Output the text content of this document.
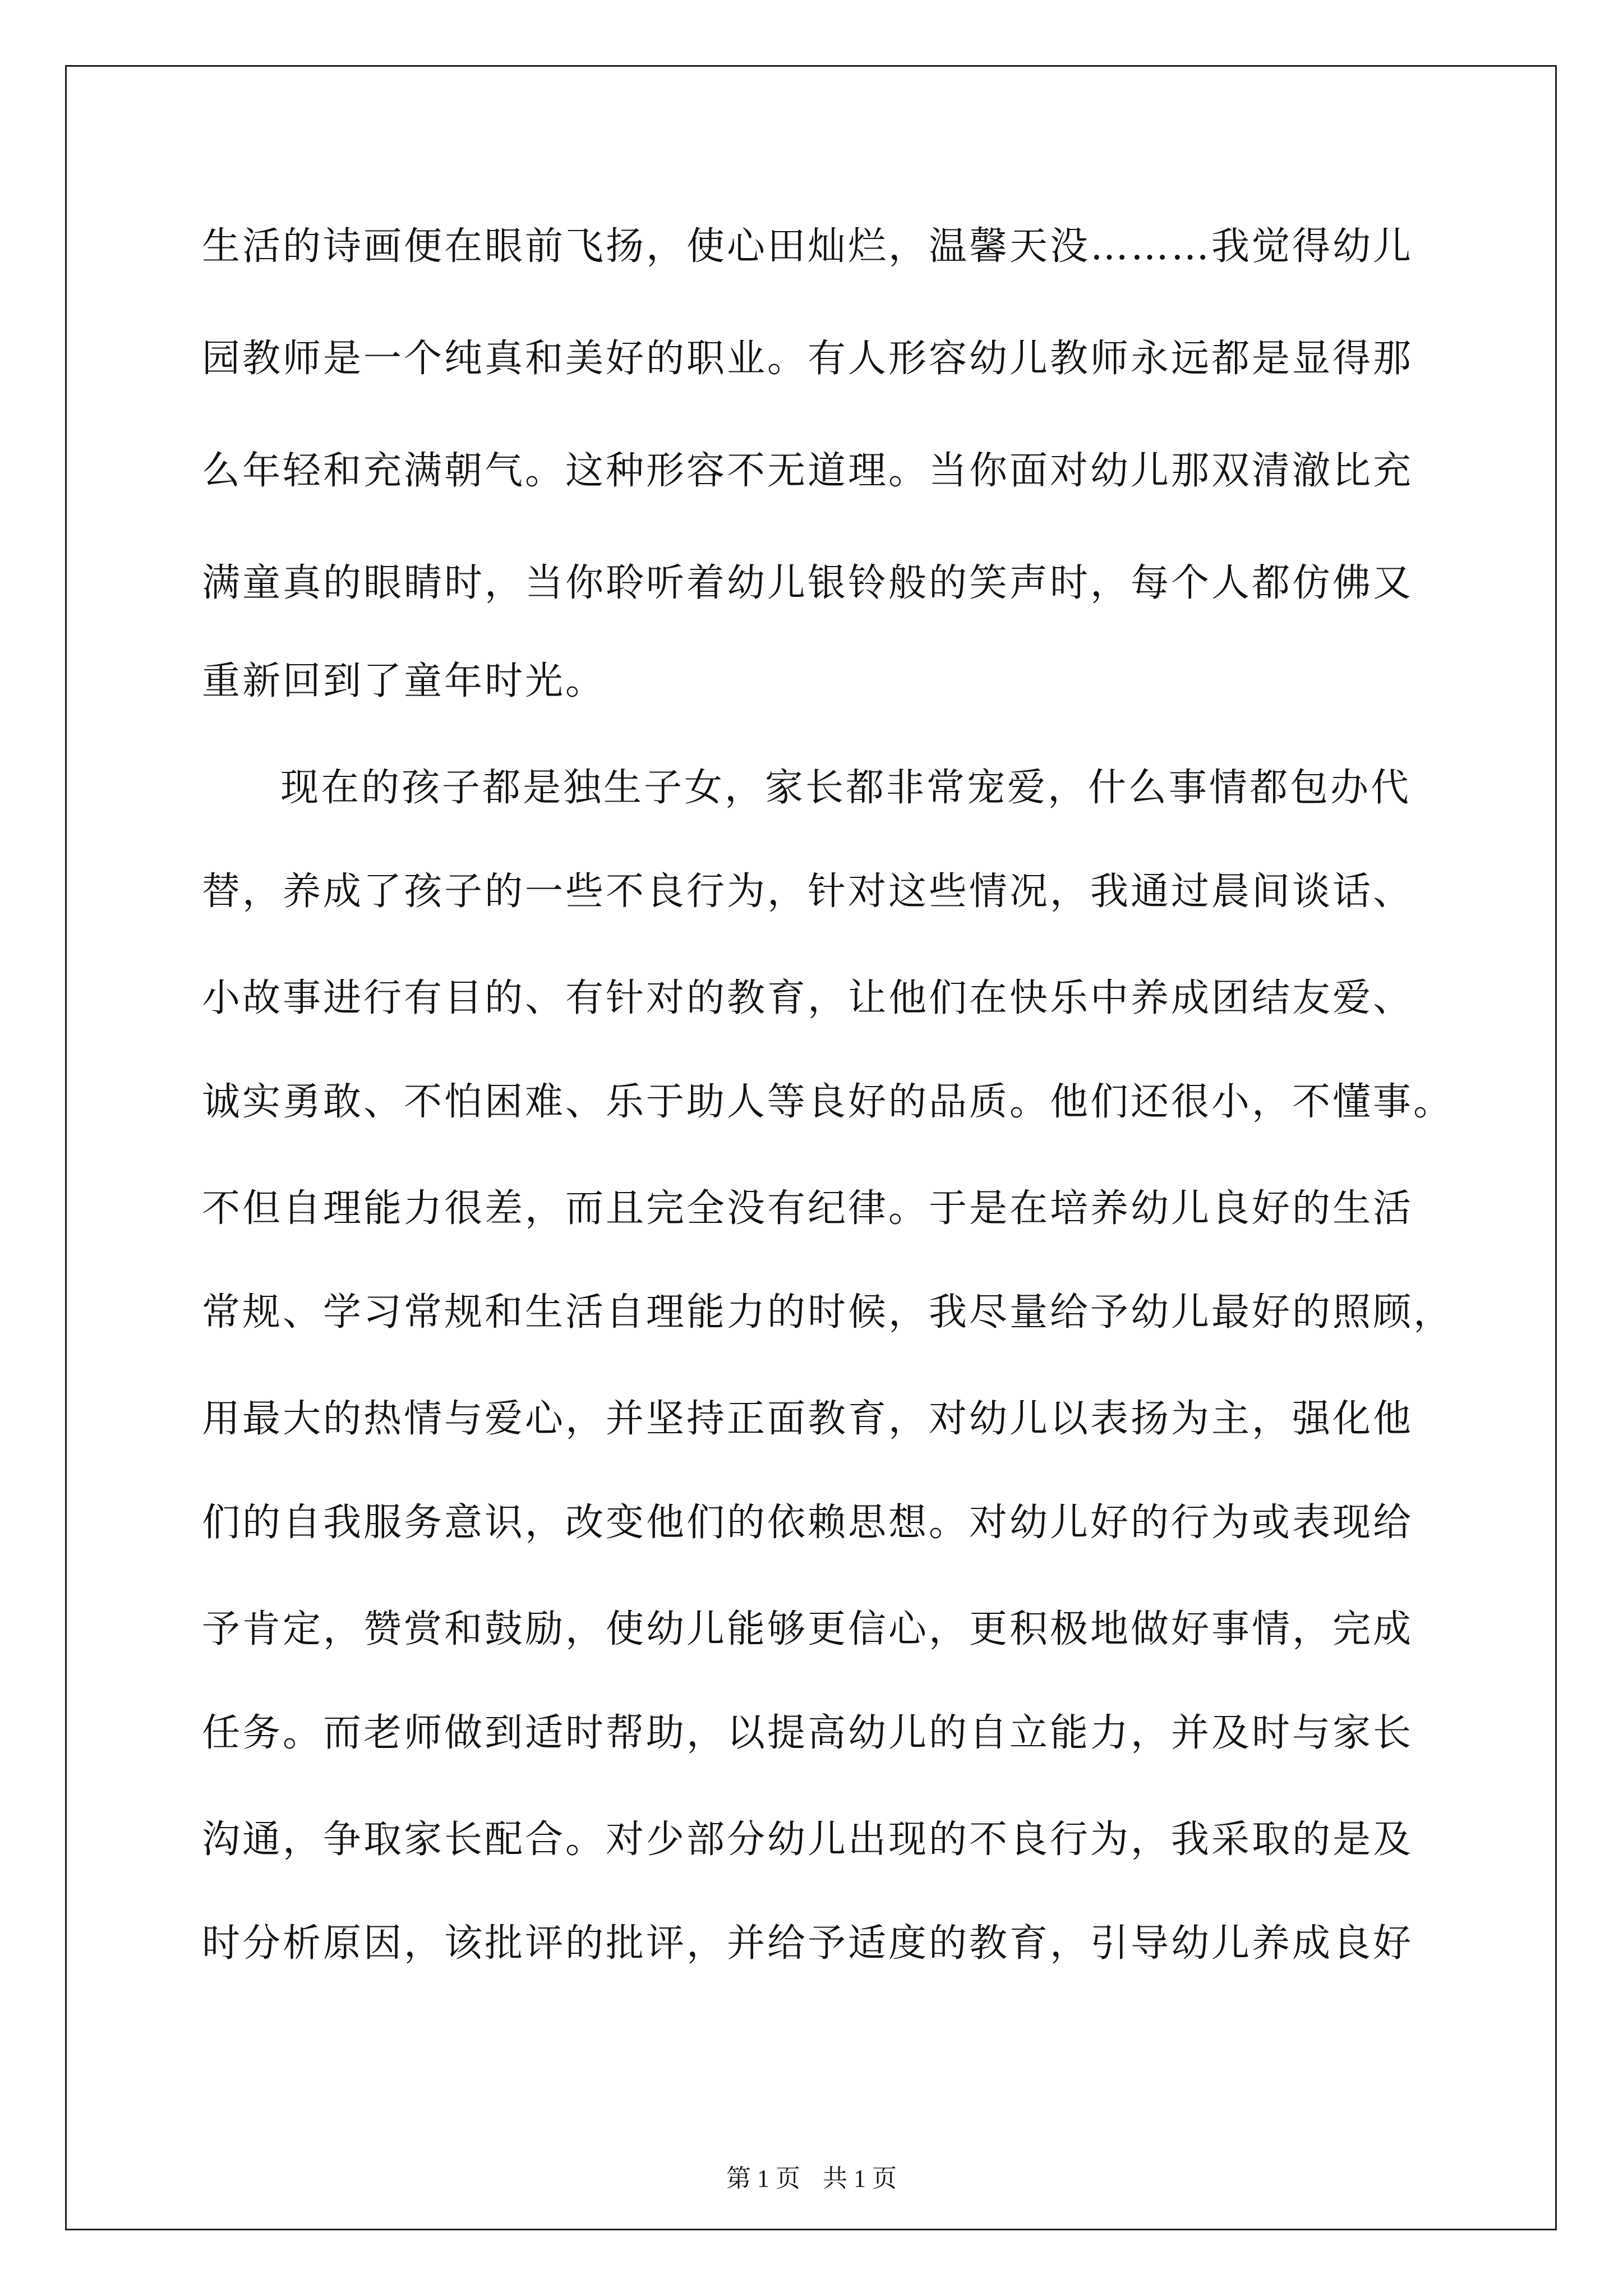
生活的诗画便在眼前飞扬，使心田灿烂，温馨天没………我觉得幼儿
园教师是一个纯真和美好的职业。有人形容幼儿教师永远都是显得那
么年轻和充满朝气。这种形容不无道理。当你面对幼儿那双清澈比充
满童真的眼睛时，当你聆听着幼儿银铃般的笑声时，每个人都仿佛又
重新回到了童年时光。
现在的孩子都是独生子女，家长都非常宠爱，什么事情都包办代
替，养成了孩子的一些不良行为，针对这些情况，我通过晨间谈话、
小故事进行有目的、有针对的教育，让他们在快乐中养成团结友爱、
诚实勇敢、不怕困难、乐于助人等良好的品质。他们还很小，不懂事。
不但自理能力很差，而且完全没有纪律。于是在培养幼儿良好的生活
常规、学习常规和生活自理能力的时候，我尽量给予幼儿最好的照顾，
用最大的热情与爱心，并坚持正面教育，对幼儿以表扬为主，强化他
们的自我服务意识，改变他们的依赖思想。对幼儿好的行为或表现给
予肯定，赞赏和鼓励，使幼儿能够更信心，更积极地做好事情，完成
任务。而老师做到适时帮助，以提高幼儿的自立能力，并及时与家长
沟通，争取家长配合。对少部分幼儿出现的不良行为，我采取的是及
时分析原因，该批评的批评，并给予适度的教育，引导幼儿养成良好
第 1 页 共 1 页
